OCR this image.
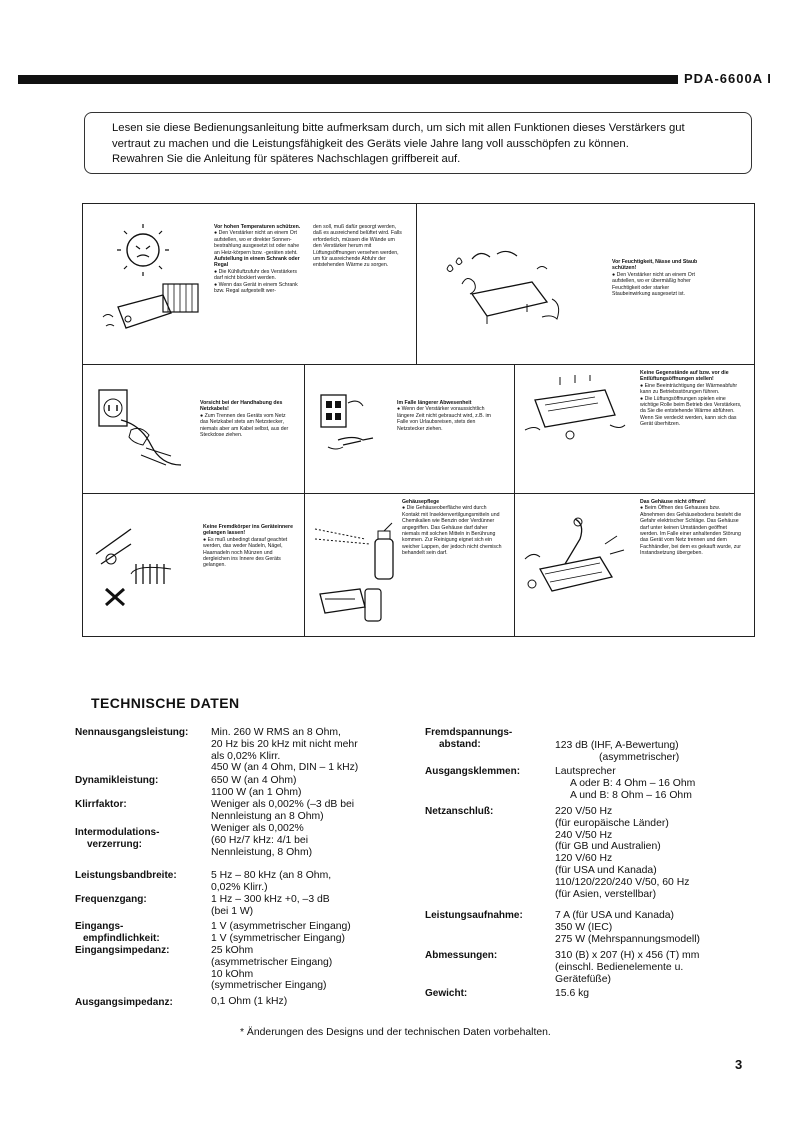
PDA-6600A I

Lesen sie diese Bedienungsanleitung bitte aufmerksam durch, um sich mit allen Funktionen dieses Verstärkers gut
vertraut zu machen und die Leistungsfähigkeit des Geräts viele Jahre lang voll ausschöpfen zu können.
Rewahren Sie die Anleitung für späteres Nachschlagen griffbereit auf.

Vor hohen Temperaturen schützen.

● Den Verstärker nicht an einem Ort aufstellen, wo er direkter Sonnen-bestrahlung ausgesetzt ist oder nahe an Heiz-körpern bzw. -geräten steht.

Aufstellung in einem Schrank oder Regal

● Die Kühlluftzufuhr des Verstärkers darf nicht blockiert werden.

● Wenn das Gerät in einem Schrank bzw. Regal aufgestellt wer-

den soll, muß dafür gesorgt werden, daß es ausreichend belüftet wird. Falls erforderlich, müssen die Wände um den Verstärker herum mit Lüftungsöffnungen versehen werden, um für ausreichende Abfuhr der entstehenden Wärme zu sorgen.

Vor Feuchtigkeit, Nässe und Staub schützen!

● Den Verstärker nicht an einem Ort aufstellen, wo er übermäßig hoher Feuchtigkeit oder starker Staubeinwirkung ausgesetzt ist.

Vorsicht bei der Handhabung des Netzkabels!

● Zum Trennen des Geräts vom Netz das Netzkabel stets am Netzstecker, niemals aber am Kabel selbst, aus der Steckdose ziehen.

Im Falle längerer Abwesenheit

● Wenn der Verstärker voraussichtlich längere Zeit nicht gebraucht wird, z.B. im Falle von Urlaubsreisen, stets den Netzstecker ziehen.

Keine Gegenstände auf bzw. vor die Entlüftungsöffnungen stellen!

● Eine Beeinträchtigung der Wärmeabfuhr kann zu Betriebsstörungen führen.

● Die Lüftungsöffnungen spielen eine wichtige Rolle beim Betrieb des Verstärkers, da Sie die entstehende Wärme abführen. Wenn Sie verdeckt werden, kann sich das Gerät überhitzen.

Keine Fremdkörper ins Geräteinnere gelangen lassen!

● Es muß unbedingt darauf geachtet werden, das weder Nadeln, Nägel, Haarnadeln noch Münzen und dergleichen ins Innere des Geräts gelangen.

Gehäusepflege

● Die Gehäuseoberfläche wird durch Kontakt mit Insektenvertilgungsmitteln und Chemikalien wie Benzin oder Verdünner angegriffen. Das Gehäuse darf daher niemals mit solchen Mitteln in Berührung kommen. Zur Reinigung eignet sich ein weicher Lappen, der jedoch nicht chemisch behandelt sein darf.

Das Gehäuse nicht öffnen!

● Beim Öffnen des Gehauses bzw. Abnehmen des Gehäusebodens besteht die Gefahr elektrischer Schläge. Das Gehäuse darf unter keinen Umständen geöffnet werden. Im Falle einer anhaltenden Störung das Gerät vom Netz trennen und dem Fachhändler, bei dem es gekauft wurde, zur Instandsetzung übergeben.

TECHNISCHE DATEN
Nennausgangsleistung: Min. 260 W RMS an 8 Ohm,
20 Hz bis 20 kHz mit nicht mehr
als 0,02% Klirr.
450 W (an 4 Ohm, DIN – 1 kHz)
Dynamikleistung:	650 W (an 4 Ohm)
1100 W (an 1 Ohm)
Klirrfaktor:	Weniger als 0,002% (–3 dB bei
Nennleistung an 8 Ohm)
Intermodulations-
verzerrung:
Weniger als 0,002%
(60 Hz/7 kHz: 4/1 bei
Nennleistung, 8 Ohm)
Leistungsbandbreite:	5 Hz – 80 kHz (an 8 Ohm,
0,02% Klirr.)
Frequenzgang:	1 Hz – 300 kHz +0, –3 dB
(bei 1 W)
Eingangs-
empfindlichkeit:
1 V (asymmetrischer Eingang)
1 V (symmetrischer Eingang)
Eingangsimpedanz:	25 kOhm
(asymmetrischer Eingang)
10 kOhm
(symmetrischer Eingang)
Ausgangsimpedanz:	0,1 Ohm (1 kHz)
Fremdspannungs-
abstand:	123 dB (IHF, A-Bewertung)
(asymmetrischer)
Ausgangsklemmen:	Lautsprecher
A oder B: 4 Ohm – 16 Ohm
A und B: 8 Ohm – 16 Ohm
Netzanschluß:	220 V/50 Hz
(für europäische Länder)
240 V/50 Hz
(für GB und Australien)
120 V/60 Hz
(für USA und Kanada)
110/120/220/240 V/50, 60 Hz
(für Asien, verstellbar)
Leistungsaufnahme:	7 A (für USA und Kanada)
350 W (IEC)
275 W (Mehrspannungsmodell)
Abmessungen:	310 (B) x 207 (H) x 456 (T) mm
(einschl. Bedienelemente u.
Gerätefüße)
Gewicht:	15.6 kg
* Änderungen des Designs und der technischen Daten vorbehalten.
3
